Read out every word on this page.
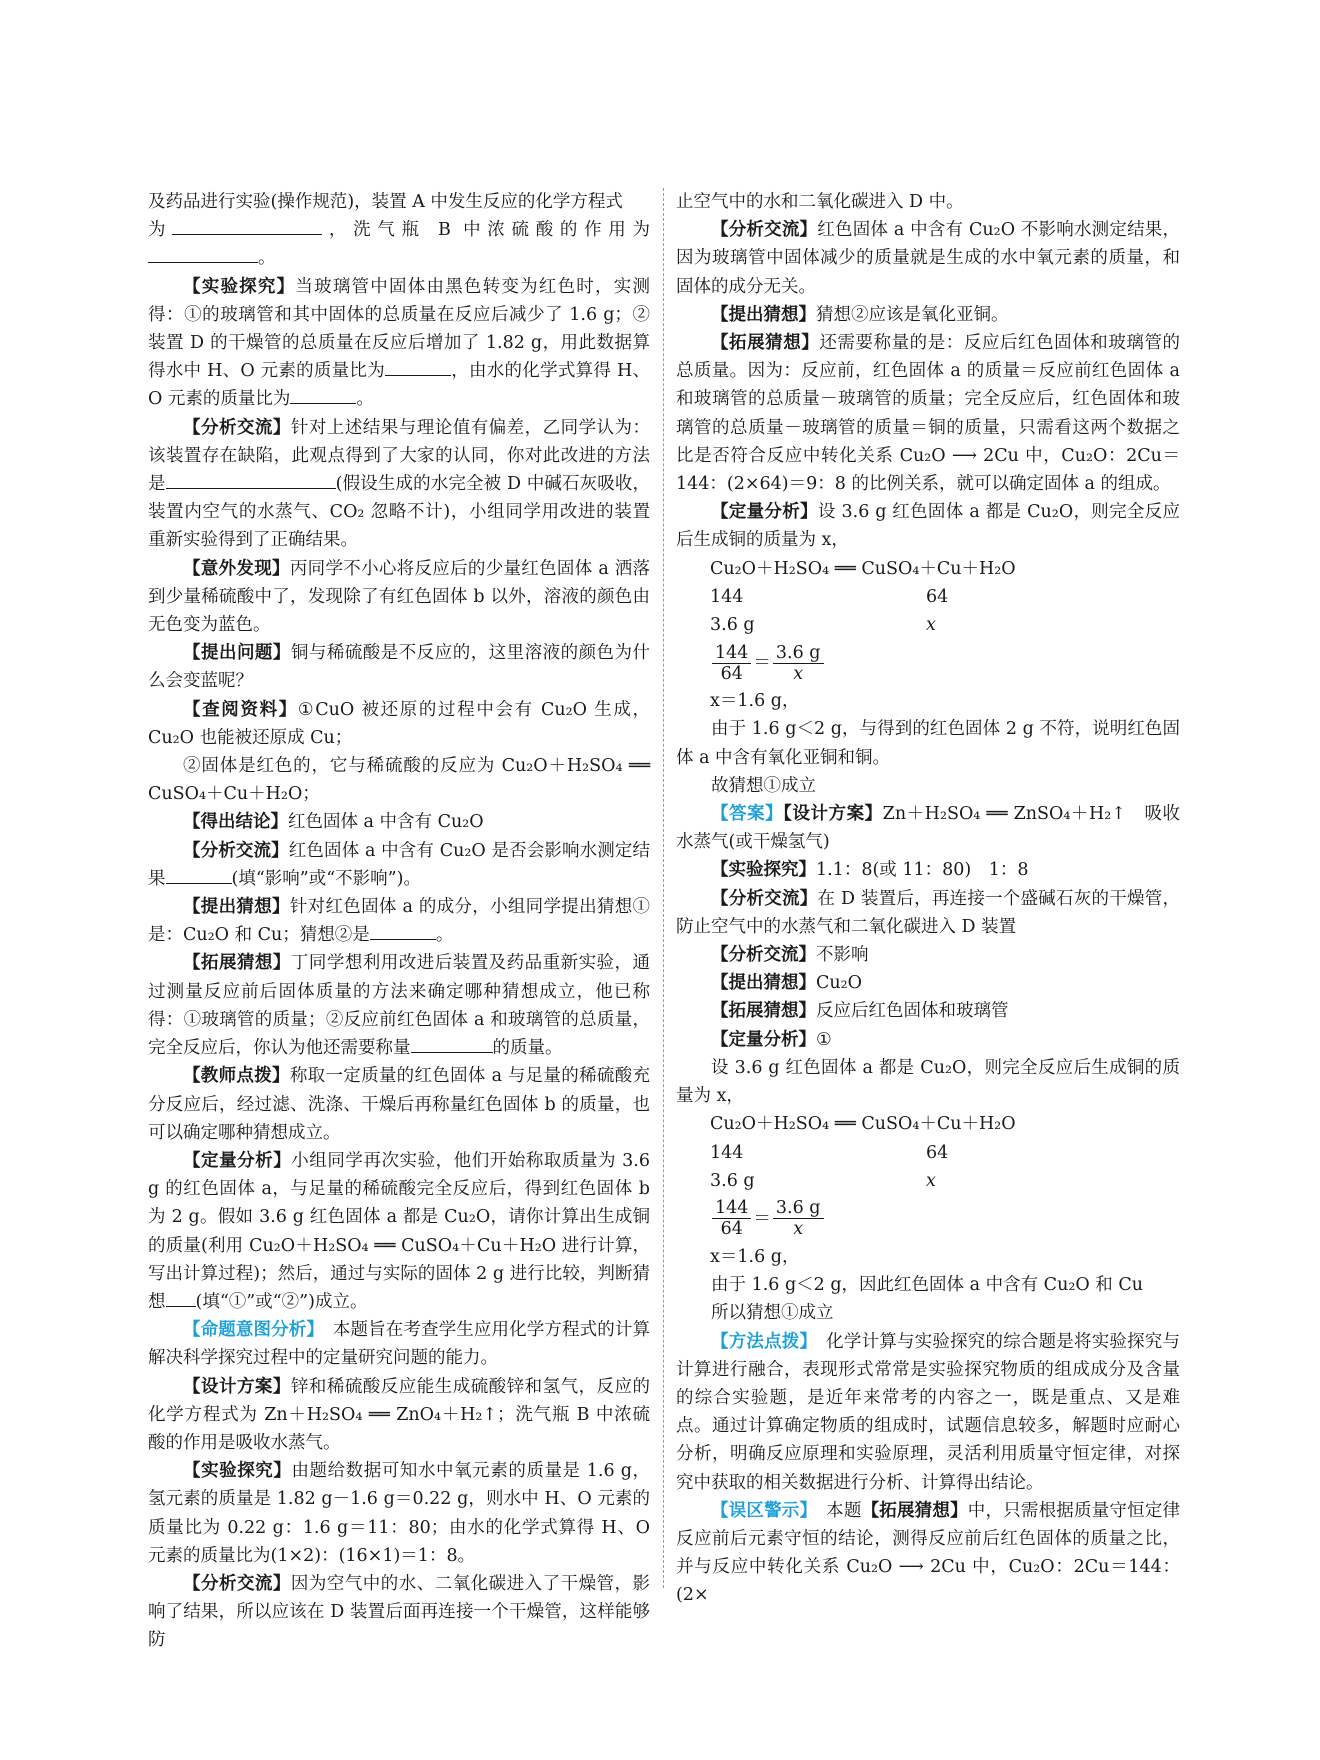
及药品进行实验(操作规范)，装置 A 中发生反应的化学方程式

为	，洗气瓶 B 中浓硫酸的作用为。

【实验探究】当玻璃管中固体由黑色转变为红色时，实测得：①的玻璃管和其中固体的总质量在反应后减少了 1.6 g；②装置 D 的干燥管的总质量在反应后增加了 1.82 g，用此数据算得水中 H、O 元素的质量比为	，由水的化学式算得 H、O 元素的质量比为	。

【分析交流】针对上述结果与理论值有偏差，乙同学认为：该装置存在缺陷，此观点得到了大家的认同，你对此改进的方法是	(假设生成的水完全被 D 中碱石灰吸收，装置内空气的水蒸气、CO₂ 忽略不计)，小组同学用改进的装置重新实验得到了正确结果。

【意外发现】丙同学不小心将反应后的少量红色固体 a 洒落到少量稀硫酸中了，发现除了有红色固体 b 以外，溶液的颜色由无色变为蓝色。

【提出问题】铜与稀硫酸是不反应的，这里溶液的颜色为什么会变蓝呢？

【查阅资料】①CuO 被还原的过程中会有 Cu₂O 生成，Cu₂O 也能被还原成 Cu；

②固体是红色的，它与稀硫酸的反应为 Cu₂O＋H₂SO₄ ══ CuSO₄＋Cu＋H₂O；

【得出结论】红色固体 a 中含有 Cu₂O

【分析交流】红色固体 a 中含有 Cu₂O 是否会影响水测定结果	(填“影响”或“不影响”)。

【提出猜想】针对红色固体 a 的成分，小组同学提出猜想①是：Cu₂O 和 Cu；猜想②是	。

【拓展猜想】丁同学想利用改进后装置及药品重新实验，通过测量反应前后固体质量的方法来确定哪种猜想成立，他已称得：①玻璃管的质量；②反应前红色固体 a 和玻璃管的总质量，完全反应后，你认为他还需要称量	的质量。

【教师点拨】称取一定质量的红色固体 a 与足量的稀硫酸充分反应后，经过滤、洗涤、干燥后再称量红色固体 b 的质量，也可以确定哪种猜想成立。

【定量分析】小组同学再次实验，他们开始称取质量为 3.6 g 的红色固体 a，与足量的稀硫酸完全反应后，得到红色固体 b 为 2 g。假如 3.6 g 红色固体 a 都是 Cu₂O，请你计算出生成铜的质量(利用 Cu₂O＋H₂SO₄ ══ CuSO₄＋Cu＋H₂O 进行计算，写出计算过程)；然后，通过与实际的固体 2 g 进行比较，判断猜想 (填“①”或“②”)成立。

【命题意图分析】　 本题旨在考查学生应用化学方程式的计算解决科学探究过程中的定量研究问题的能力。

【设计方案】锌和稀硫酸反应能生成硫酸锌和氢气，反应的化学方程式为 Zn＋H₂SO₄ ══ ZnO₄＋H₂↑；洗气瓶 B 中浓硫酸的作用是吸收水蒸气。

【实验探究】由题给数据可知水中氧元素的质量是 1.6 g，氢元素的质量是 1.82 g－1.6 g＝0.22 g，则水中 H、O 元素的质量比为 0.22 g：1.6 g＝11：80；由水的化学式算得 H、O 元素的质量比为(1×2)：(16×1)＝1：8。

【分析交流】因为空气中的水、二氧化碳进入了干燥管，影响了结果，所以应该在 D 装置后面再连接一个干燥管，这样能够防

止空气中的水和二氧化碳进入 D 中。

【分析交流】红色固体 a 中含有 Cu₂O 不影响水测定结果，因为玻璃管中固体减少的质量就是生成的水中氧元素的质量，和固体的成分无关。

【提出猜想】猜想②应该是氧化亚铜。

【拓展猜想】还需要称量的是：反应后红色固体和玻璃管的总质量。因为：反应前，红色固体 a 的质量＝反应前红色固体 a 和玻璃管的总质量－玻璃管的质量；完全反应后，红色固体和玻璃管的总质量－玻璃管的质量＝铜的质量，只需看这两个数据之比是否符合反应中转化关系 Cu₂O ⟶ 2Cu 中，Cu₂O：2Cu＝144：(2×64)＝9：8 的比例关系，就可以确定固体 a 的组成。

【定量分析】设 3.6 g 红色固体 a 都是 Cu₂O，则完全反应后生成铜的质量为 x，

Cu₂O＋H₂SO₄ ══ CuSO₄＋Cu＋H₂O

144	64

3.6 g	x

$\frac{144}{64} = \frac{3.6 g}{x}$

x＝1.6 g，

由于 1.6 g＜2 g，与得到的红色固体 2 g 不符，说明红色固体 a 中含有氧化亚铜和铜。

故猜想①成立

【答案】【设计方案】Zn＋H₂SO₄ ══ ZnSO₄＋H₂↑　吸收水蒸气(或干燥氢气)

【实验探究】1.1：8(或 11：80)　1：8

【分析交流】在 D 装置后，再连接一个盛碱石灰的干燥管，防止空气中的水蒸气和二氧化碳进入 D 装置

【分析交流】不影响

【提出猜想】Cu₂O

【拓展猜想】反应后红色固体和玻璃管

【定量分析】①

设 3.6 g 红色固体 a 都是 Cu₂O，则完全反应后生成铜的质量为 x，

Cu₂O＋H₂SO₄ ══ CuSO₄＋Cu＋H₂O

144	64

3.6 g	x

$\frac{144}{64} = \frac{3.6 g}{x}$

x＝1.6 g，

由于 1.6 g＜2 g，因此红色固体 a 中含有 Cu₂O 和 Cu

所以猜想①成立

【方法点拨】　 化学计算与实验探究的综合题是将实验探究与计算进行融合，表现形式常常是实验探究物质的组成成分及含量的综合实验题，是近年来常考的内容之一，既是重点、又是难点。通过计算确定物质的组成时，试题信息较多，解题时应耐心分析，明确反应原理和实验原理，灵活利用质量守恒定律，对探究中获取的相关数据进行分析、计算得出结论。

【误区警示】　 本题【拓展猜想】中，只需根据质量守恒定律反应前后元素守恒的结论，测得反应前后红色固体的质量之比，并与反应中转化关系 Cu₂O ⟶ 2Cu 中，Cu₂O：2Cu＝144：(2×
